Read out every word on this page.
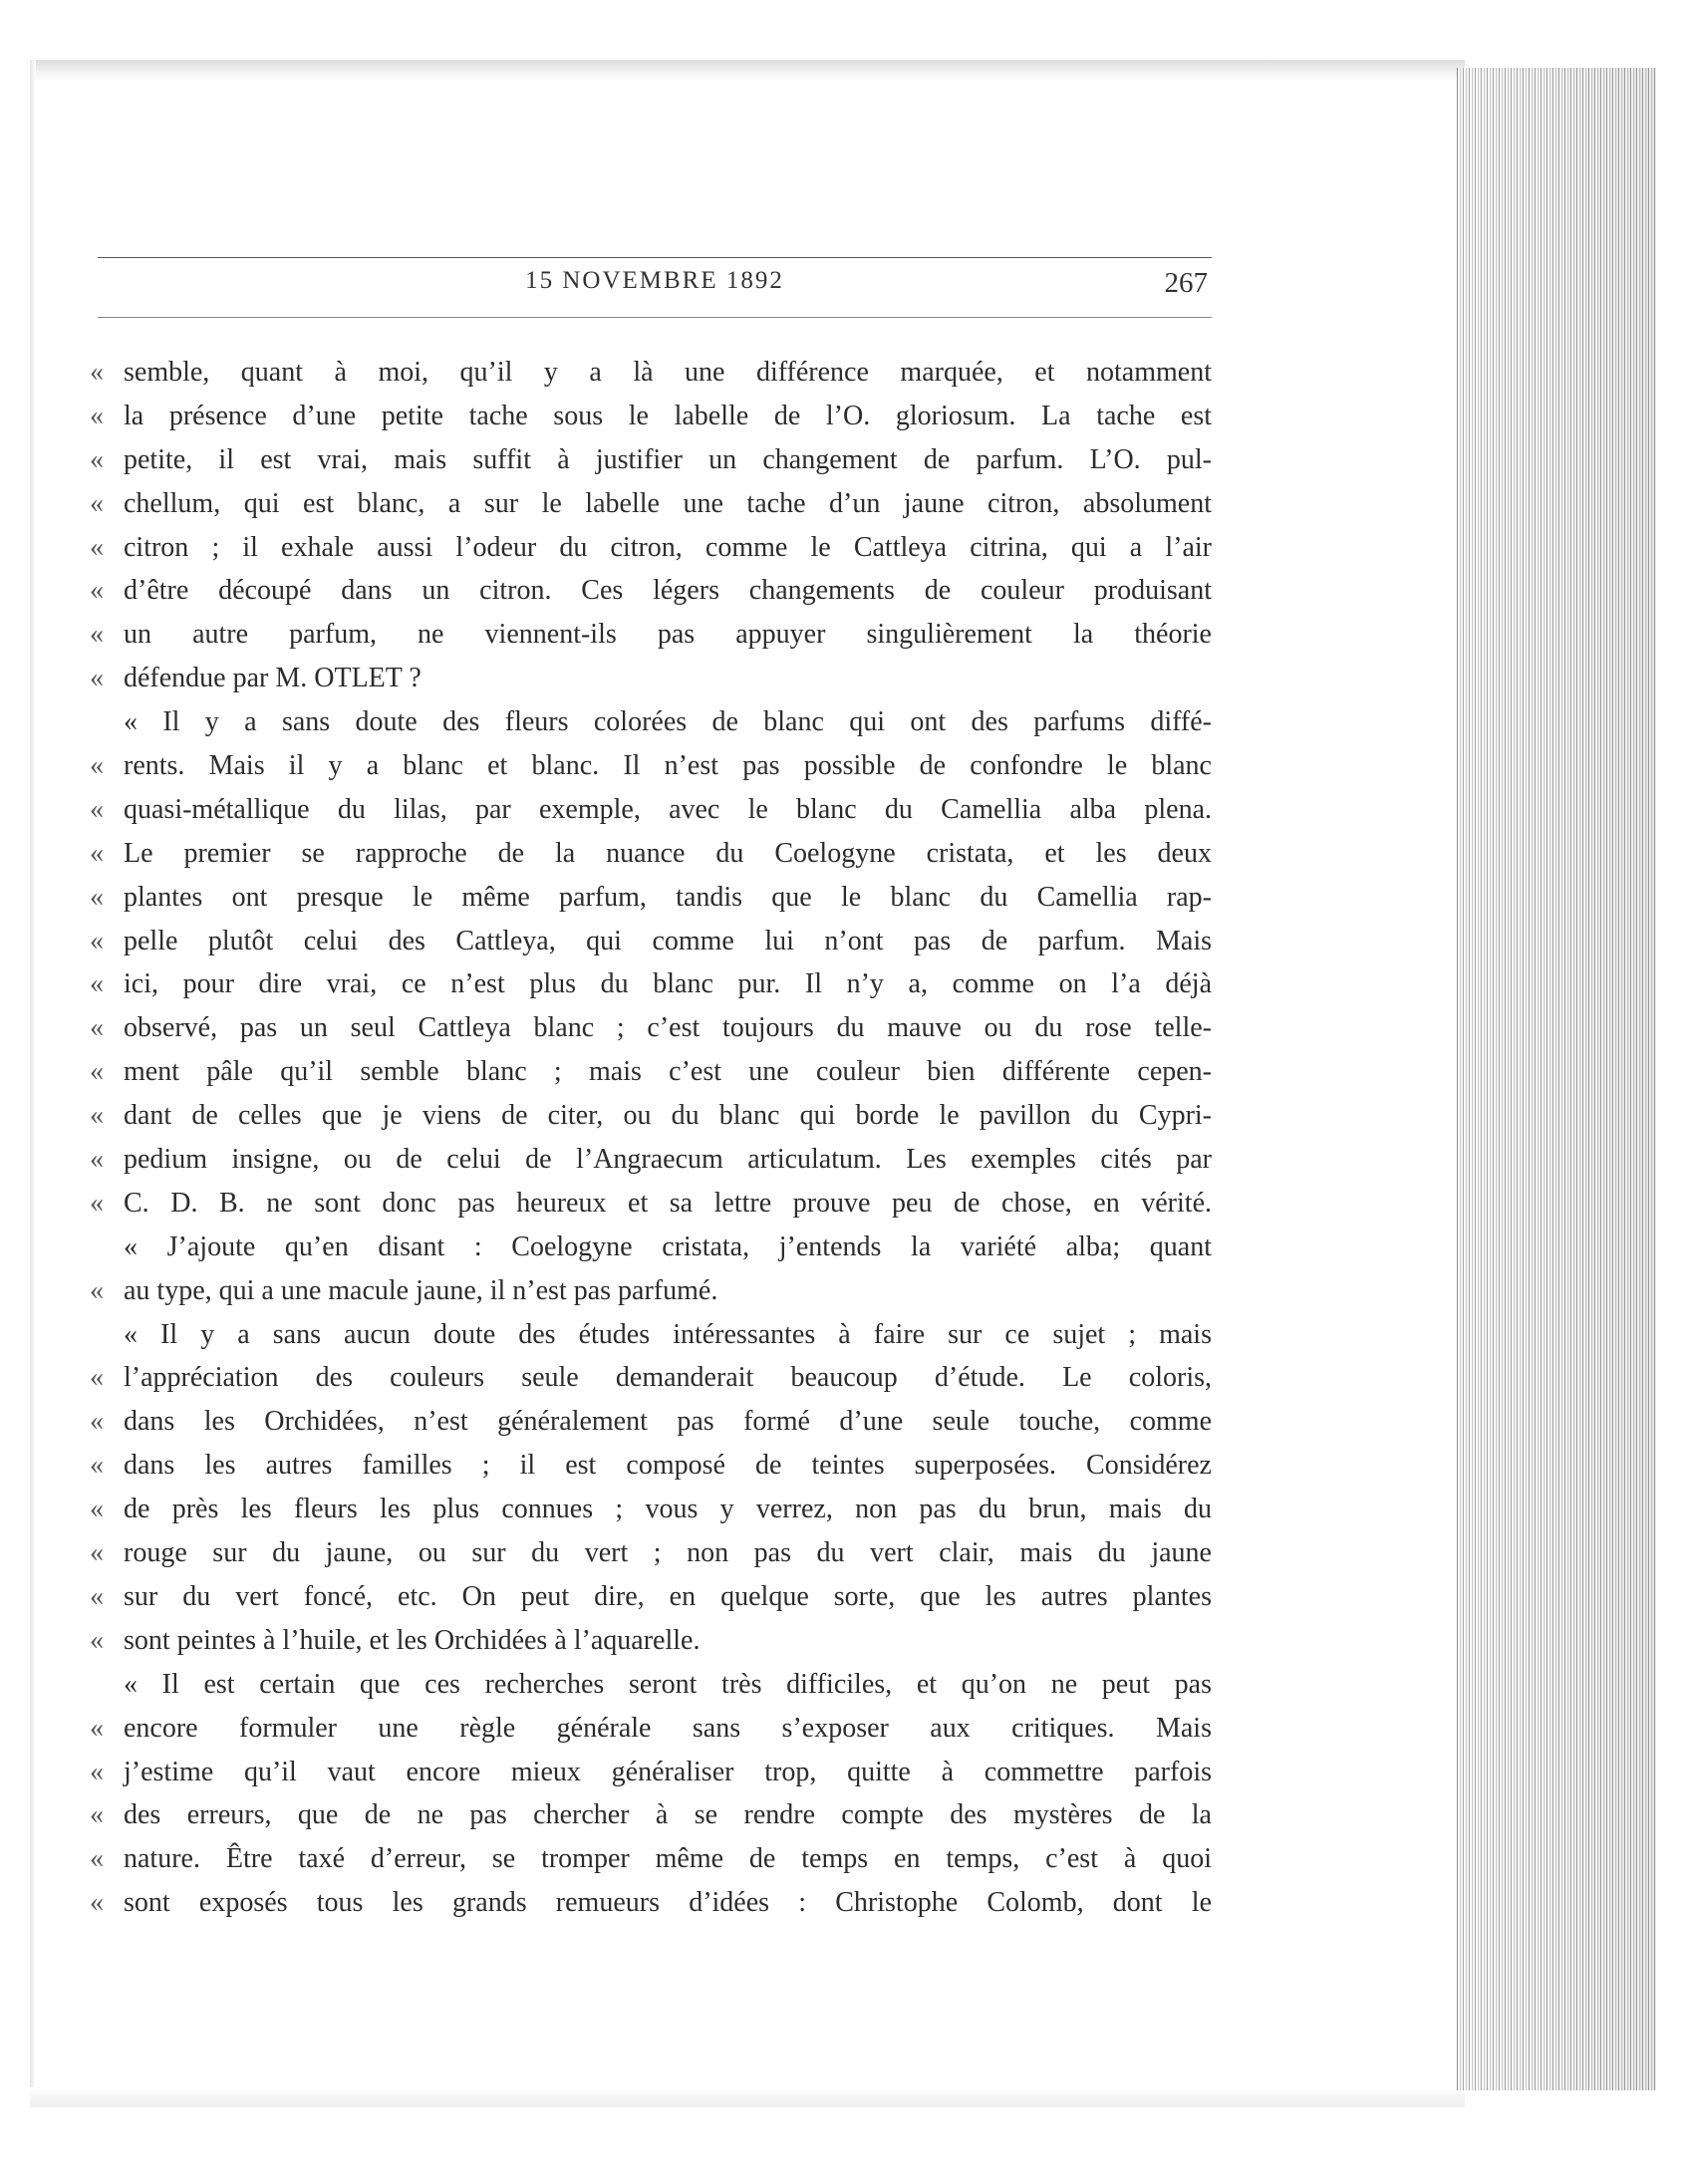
15 NOVEMBRE 1892	267
« semble, quant à moi, qu’il y a là une différence marquée, et notamment
« la présence d’une petite tache sous le labelle de l’O. gloriosum. La tache est
« petite, il est vrai, mais suffit à justifier un changement de parfum. L’O. pul-
« chellum, qui est blanc, a sur le labelle une tache d’un jaune citron, absolument
« citron ; il exhale aussi l’odeur du citron, comme le Cattleya citrina, qui a l’air
« d’être découpé dans un citron. Ces légers changements de couleur produisant
« un autre parfum, ne viennent-ils pas appuyer singulièrement la théorie
« défendue par M. OTLET ?
« Il y a sans doute des fleurs colorées de blanc qui ont des parfums diffé-
« rents. Mais il y a blanc et blanc. Il n’est pas possible de confondre le blanc
« quasi-métallique du lilas, par exemple, avec le blanc du Camellia alba plena.
« Le premier se rapproche de la nuance du Coelogyne cristata, et les deux
« plantes ont presque le même parfum, tandis que le blanc du Camellia rap-
« pelle plutôt celui des Cattleya, qui comme lui n’ont pas de parfum. Mais
« ici, pour dire vrai, ce n’est plus du blanc pur. Il n’y a, comme on l’a déjà
« observé, pas un seul Cattleya blanc ; c’est toujours du mauve ou du rose telle-
« ment pâle qu’il semble blanc ; mais c’est une couleur bien différente cepen-
« dant de celles que je viens de citer, ou du blanc qui borde le pavillon du Cypri-
« pedium insigne, ou de celui de l’Angraecum articulatum. Les exemples cités par
« C. D. B. ne sont donc pas heureux et sa lettre prouve peu de chose, en vérité.
« J’ajoute qu’en disant : Coelogyne cristata, j’entends la variété alba; quant
« au type, qui a une macule jaune, il n’est pas parfumé.
« Il y a sans aucun doute des études intéressantes à faire sur ce sujet ; mais
« l’appréciation des couleurs seule demanderait beaucoup d’étude. Le coloris,
« dans les Orchidées, n’est généralement pas formé d’une seule touche, comme
« dans les autres familles ; il est composé de teintes superposées. Considérez
« de près les fleurs les plus connues ; vous y verrez, non pas du brun, mais du
« rouge sur du jaune, ou sur du vert ; non pas du vert clair, mais du jaune
« sur du vert foncé, etc. On peut dire, en quelque sorte, que les autres plantes
« sont peintes à l’huile, et les Orchidées à l’aquarelle.
« Il est certain que ces recherches seront très difficiles, et qu’on ne peut pas
« encore formuler une règle générale sans s’exposer aux critiques. Mais
« j’estime qu’il vaut encore mieux généraliser trop, quitte à commettre parfois
« des erreurs, que de ne pas chercher à se rendre compte des mystères de la
« nature. Être taxé d’erreur, se tromper même de temps en temps, c’est à quoi
« sont exposés tous les grands remueurs d’idées : Christophe Colomb, dont le
